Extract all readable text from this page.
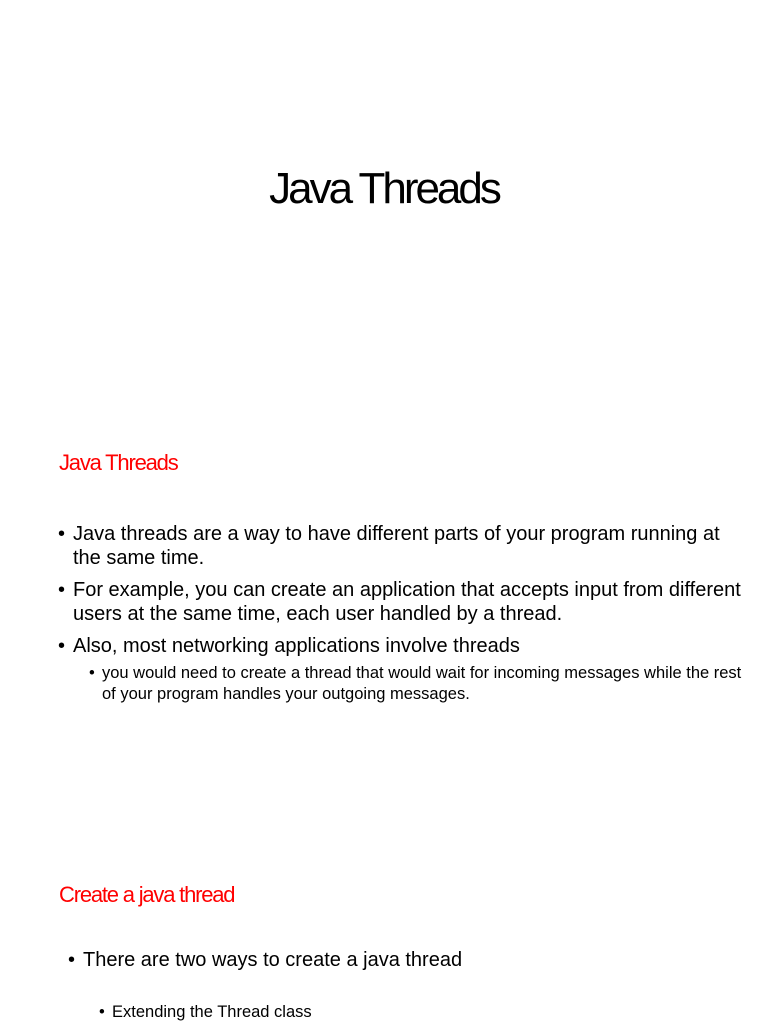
Java Threads
Java Threads

• Java threads are a way to have different parts of your program running at the same time.

• For example, you can create an application that accepts input from different users at the same time, each user handled by a thread.

• Also, most networking applications involve threads

• you would need to create a thread that would wait for incoming messages while the rest of your program handles your outgoing messages.

Create a java thread

• There are two ways to create a java thread

• Extending the Thread class
